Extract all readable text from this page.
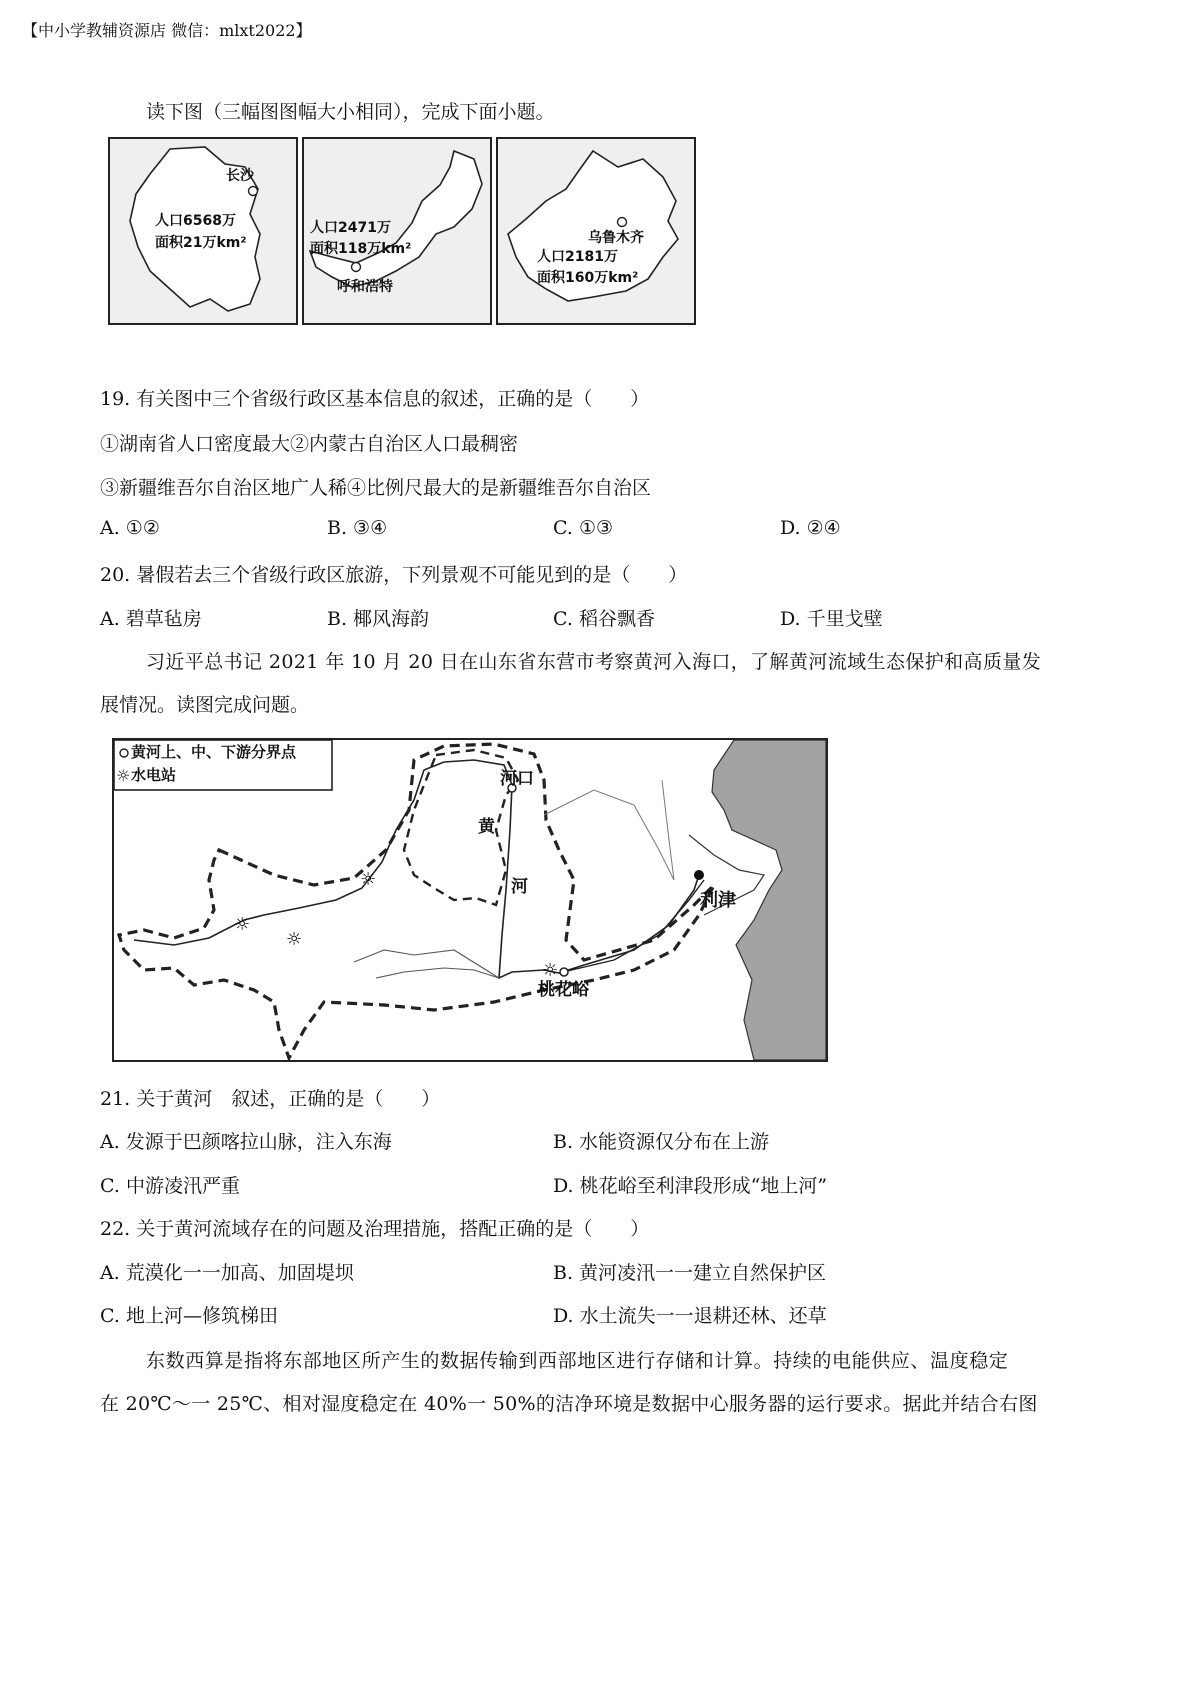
【中小学教辅资源店 微信：mlxt2022】
读下图（三幅图图幅大小相同），完成下面小题。
长沙
人口6568万
面积21万km²
人口2471万
面积118万km²
呼和浩特
乌鲁木齐
人口2181万
面积160万km²
19. 有关图中三个省级行政区基本信息的叙述，正确的是（　　）
①湖南省人口密度最大②内蒙古自治区人口最稠密
③新疆维吾尔自治区地广人稀④比例尺最大的是新疆维吾尔自治区
A. ①②	B. ③④	C. ①③	D. ②④
20. 暑假若去三个省级行政区旅游，下列景观不可能见到的是（　　）
A. 碧草毡房	B. 椰风海韵	C. 稻谷飘香	D. 千里戈壁
习近平总书记 2021 年 10 月 20 日在山东省东营市考察黄河入海口，了解黄河流域生态保护和高质量发
展情况。读图完成问题。
☼
☼
☼
☼
☼
黄河上、中、下游分界点
水电站	河口
黄
河
利津
桃花峪
21. 关于黄河　叙述，正确的是（　　）
A. 发源于巴颜喀拉山脉，注入东海	B. 水能资源仅分布在上游
C. 中游凌汛严重	D. 桃花峪至利津段形成“地上河”
22. 关于黄河流域存在的问题及治理措施，搭配正确的是（　　）
A. 荒漠化一一加高、加固堤坝	B. 黄河凌汛一一建立自然保护区
C. 地上河—修筑梯田	D. 水土流失一一退耕还林、还草
东数西算是指将东部地区所产生的数据传输到西部地区进行存储和计算。持续的电能供应、温度稳定
在 20℃～一 25℃、相对湿度稳定在 40%一 50%的洁净环境是数据中心服务器的运行要求。据此并结合右图
